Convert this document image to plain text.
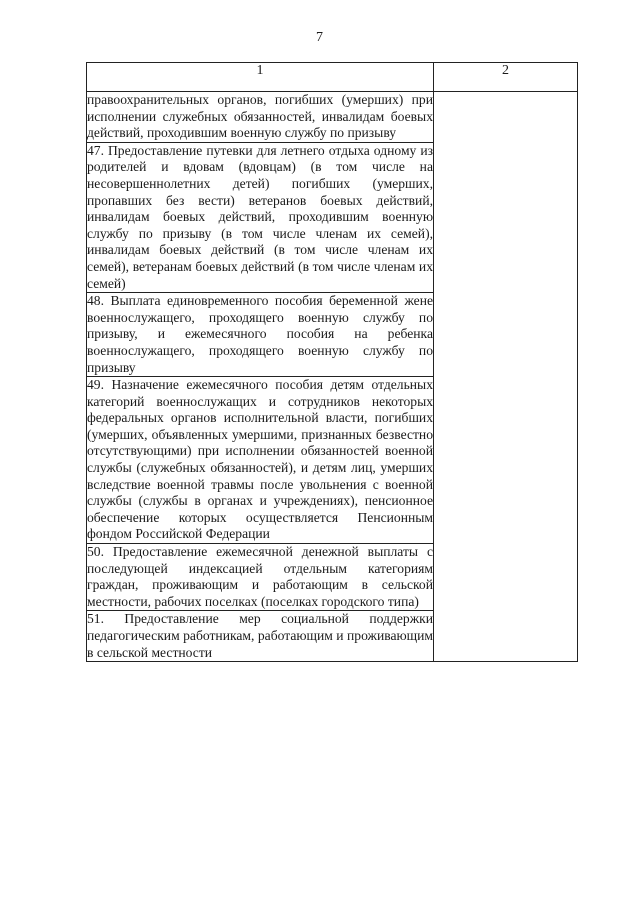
7
1	2
правоохранительных органов, погибших (умерших) при исполнении служебных обязанностей, инвалидам боевых действий, проходившим военную службу по призыву	
47. Предоставление путевки для летнего отдыха одному из родителей и вдовам (вдовцам) (в том числе на несовершеннолетних детей) погибших (умерших, пропавших без вести) ветеранов боевых действий, инвалидам боевых действий, проходившим военную службу по призыву (в том числе членам их семей), инвалидам боевых действий (в том числе членам их семей), ветеранам боевых действий (в том числе членам их семей)	
48. Выплата единовременного пособия беременной жене военнослужащего, проходящего военную службу по призыву, и ежемесячного пособия на ребенка военнослужащего, проходящего военную службу по призыву	
49. Назначение ежемесячного пособия детям отдельных категорий военнослужащих и сотрудников некоторых федеральных органов исполнительной власти, погибших (умерших, объявленных умершими, признанных безвестно отсутствующими) при исполнении обязанностей военной службы (служебных обязанностей), и детям лиц, умерших вследствие военной травмы после увольнения с военной службы (службы в органах и учреждениях), пенсионное обеспечение которых осуществляется Пенсионным фондом Российской Федерации	
50. Предоставление ежемесячной денежной выплаты с последующей индексацией отдельным категориям граждан, проживающим и работающим в сельской местности, рабочих поселках (поселках городского типа)	
51. Предоставление мер социальной поддержки педагогическим работникам, работающим и проживающим в сельской местности	
